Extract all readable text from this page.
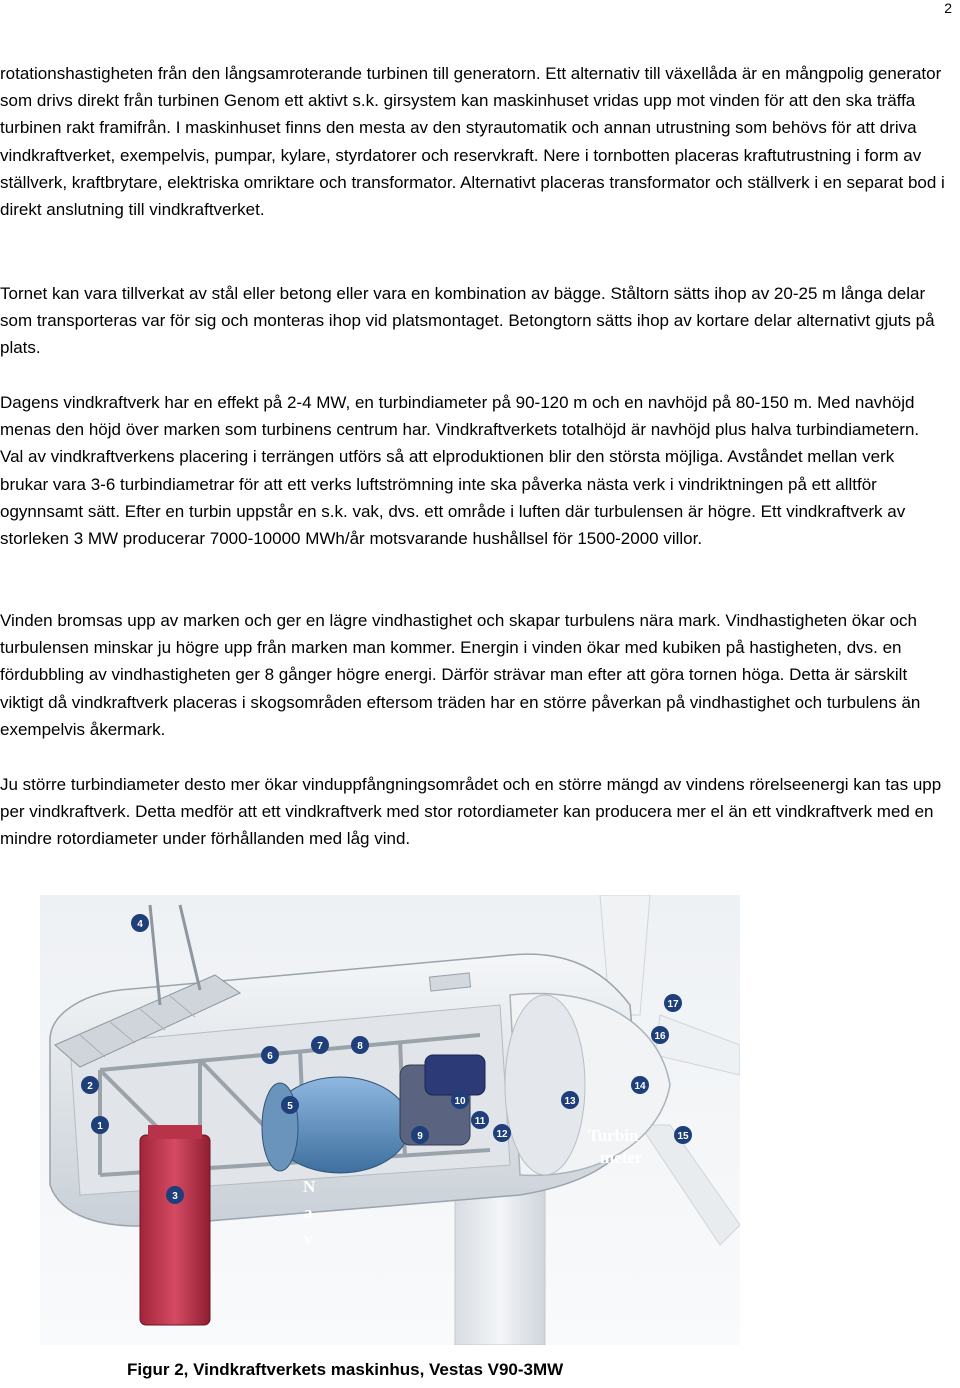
2

rotationshastigheten från den långsamroterande turbinen till generatorn. Ett alternativ till växellåda är en mångpolig generator som drivs direkt från turbinen Genom ett aktivt s.k. girsystem kan maskinhuset vridas upp mot vinden för att den ska träffa turbinen rakt framifrån. I maskinhuset finns den mesta av den styrautomatik och annan utrustning som behövs för att driva vindkraftverket, exempelvis, pumpar, kylare, styrdatorer och reservkraft. Nere i tornbotten placeras kraftutrustning i form av ställverk, kraftbrytare, elektriska omriktare och transformator. Alternativt placeras transformator och ställverk i en separat bod i direkt anslutning till vindkraftverket.

Tornet kan vara tillverkat av stål eller betong eller vara en kombination av bägge. Ståltorn sätts ihop av 20-25 m långa delar som transporteras var för sig och monteras ihop vid platsmontaget. Betongtorn sätts ihop av kortare delar alternativt gjuts på plats.

Dagens vindkraftverk har en effekt på 2-4 MW, en turbindiameter på 90-120 m och en navhöjd på 80-150 m. Med navhöjd menas den höjd över marken som turbinens centrum har. Vindkraftverkets totalhöjd är navhöjd plus halva turbindiametern. Val av vindkraftverkens placering i terrängen utförs så att elproduktionen blir den största möjliga. Avståndet mellan verk brukar vara 3-6 turbindiametrar för att ett verks luftströmning inte ska påverka nästa verk i vindriktningen på ett alltför ogynnsamt sätt. Efter en turbin uppstår en s.k. vak, dvs. ett område i luften där turbulensen är högre. Ett vindkraftverk av storleken 3 MW producerar 7000-10000 MWh/år motsvarande hushållsel för 1500-2000 villor.

Vinden bromsas upp av marken och ger en lägre vindhastighet och skapar turbulens nära mark. Vindhastigheten ökar och turbulensen minskar ju högre upp från marken man kommer. Energin i vinden ökar med kubiken på hastigheten, dvs. en fördubbling av vindhastigheten ger 8 gånger högre energi. Därför strävar man efter att göra tornen höga. Detta är särskilt viktigt då vindkraftverk placeras i skogsområden eftersom träden har en större påverkan på vindhastighet och turbulens än exempelvis åkermark.

Ju större turbindiameter desto mer ökar vinduppfångningsområdet och en större mängd av vindens rörelseenergi kan tas upp per vindkraftverk. Detta medför att ett vindkraftverk med stor rotordiameter kan producera mer el än ett vindkraftverk med en mindre rotordiameter under förhållanden med låg vind.

1
2
3
4
5
6
7	8
9
10
11
12
13
14
15
16
17
Turbin
meter
N
a
v
Figur 2, Vindkraftverkets maskinhus, Vestas V90-3MW
